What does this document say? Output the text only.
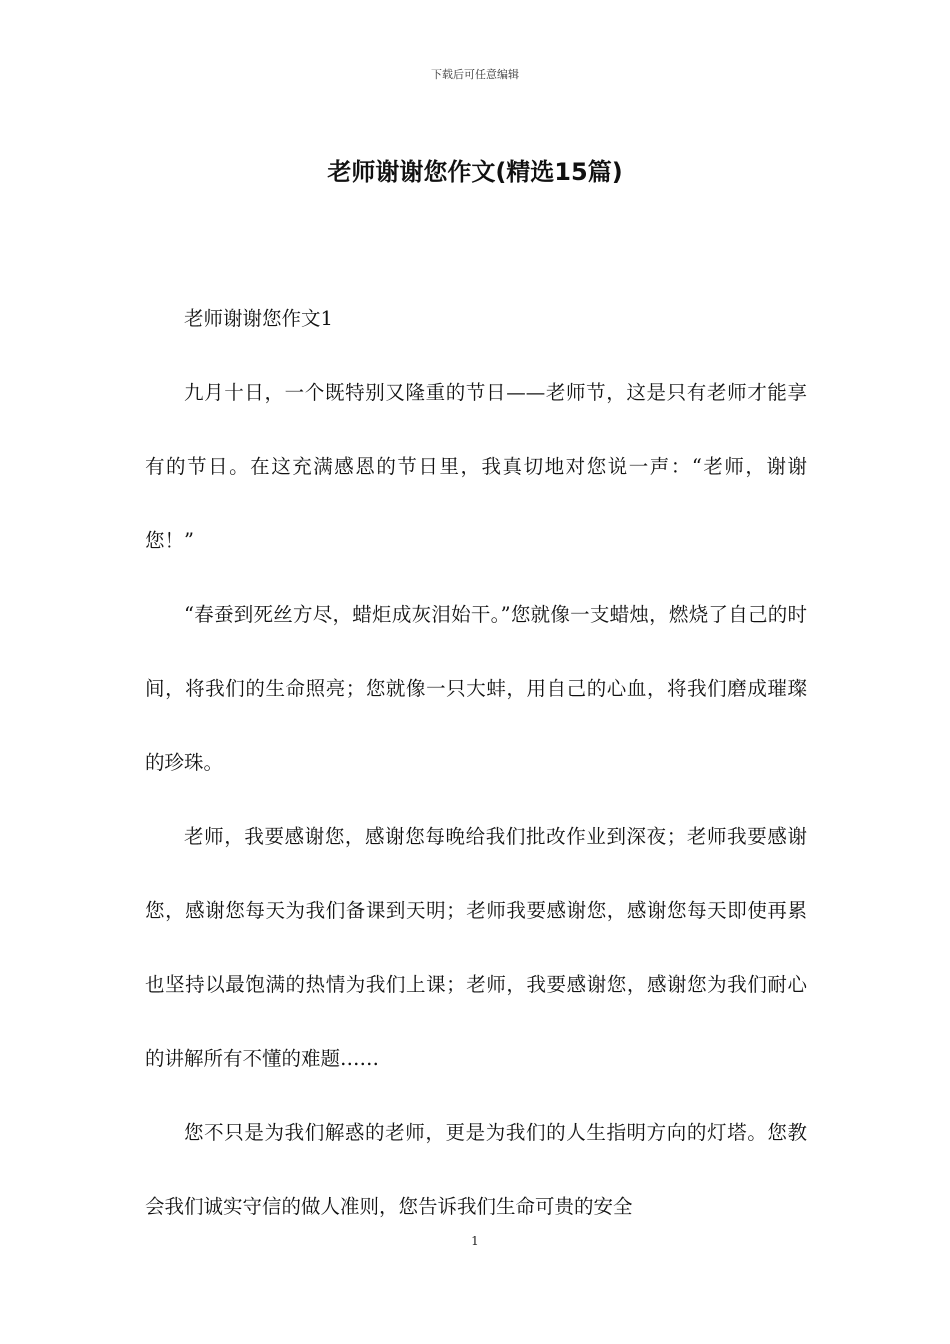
下载后可任意编辑
老师谢谢您作文(精选15篇)

老师谢谢您作文1

九月十日，一个既特别又隆重的节日——老师节，这是只有老师才能享有的节日。在这充满感恩的节日里，我真切地对您说一声：“老师，谢谢您！”

“春蚕到死丝方尽，蜡炬成灰泪始干。”您就像一支蜡烛，燃烧了自己的时间，将我们的生命照亮；您就像一只大蚌，用自己的心血，将我们磨成璀璨的珍珠。

老师，我要感谢您，感谢您每晚给我们批改作业到深夜；老师我要感谢您，感谢您每天为我们备课到天明；老师我要感谢您，感谢您每天即使再累也坚持以最饱满的热情为我们上课；老师，我要感谢您，感谢您为我们耐心的讲解所有不懂的难题……

您不只是为我们解惑的老师，更是为我们的人生指明方向的灯塔。您教会我们诚实守信的做人准则，您告诉我们生命可贵的安全

1
